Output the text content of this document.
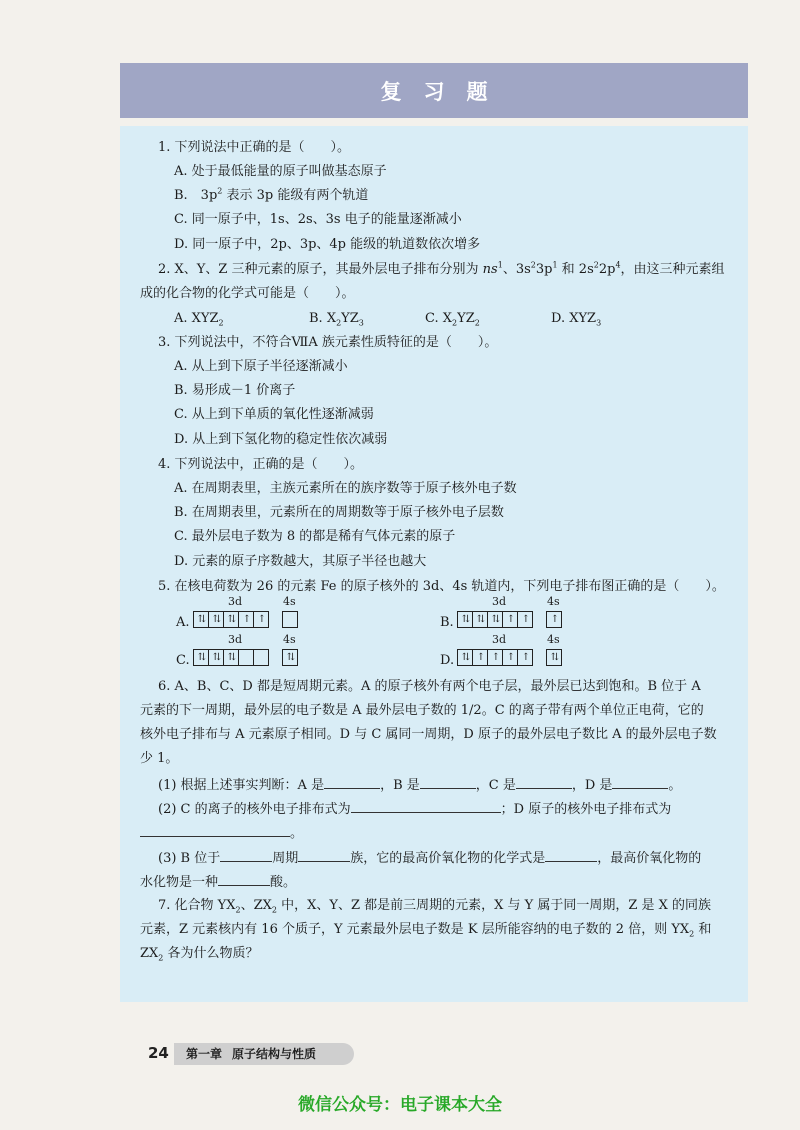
复习题
1. 下列说法中正确的是（　　）。
A. 处于最低能量的原子叫做基态原子
B.　$3p^2$ 表示 3p 能级有两个轨道
C. 同一原子中，1s、2s、3s 电子的能量逐渐减小
D. 同一原子中，2p、3p、4p 能级的轨道数依次增多
2. X、Y、Z 三种元素的原子，其最外层电子排布分别为 $ns^1$、$3s^23p^1$ 和 $2s^22p^4$，由这三种元素组
成的化合物的化学式可能是（　　）。
A. $XYZ_2$	B. $X_2YZ_3$	C. $X_2YZ_2$	D. $XYZ_3$
3. 下列说法中，不符合ⅦA 族元素性质特征的是（　　）。
A. 从上到下原子半径逐渐减小
B. 易形成－1 价离子
C. 从上到下单质的氧化性逐渐减弱
D. 从上到下氢化物的稳定性依次减弱
4. 下列说法中，正确的是（　　）。
A. 在周期表里，主族元素所在的族序数等于原子核外电子数
B. 在周期表里，元素所在的周期数等于原子核外电子层数
C. 最外层电子数为 8 的都是稀有气体元素的原子
D. 元素的原子序数越大，其原子半径也越大
5. 在核电荷数为 26 的元素 Fe 的原子核外的 3d、4s 轨道内，下列电子排布图正确的是（　　）。
A.
3d
⇅ ⇅ ⇅ ↑ ↑
4s
B.
3d
⇅ ⇅ ⇅ ↑ ↑
4s
↑
C.
3d
⇅ ⇅ ⇅
4s
⇅	D.
3d
⇅ ↑ ↑ ↑ ↑
4s
⇅
6. A、B、C、D 都是短周期元素。A 的原子核外有两个电子层，最外层已达到饱和。B 位于 A
元素的下一周期，最外层的电子数是 A 最外层电子数的 1/2。C 的离子带有两个单位正电荷，它的
核外电子排布与 A 元素原子相同。D 与 C 属同一周期，D 原子的最外层电子数比 A 的最外层电子数
少 1。
(1) 根据上述事实判断：A 是	，B 是	，C 是	，D 是	。
(2) C 的离子的核外电子排布式为	；D 原子的核外电子排布式为
。
(3) B 位于	周期	族，它的最高价氧化物的化学式是	，最高价氧化物的
水化物是一种	酸。
7. 化合物 $YX_2$、$ZX_2$ 中，X、Y、Z 都是前三周期的元素，X 与 Y 属于同一周期，Z 是 X 的同族
元素，Z 元素核内有 16 个质子，Y 元素最外层电子数是 K 层所能容纳的电子数的 2 倍，则 $YX_2$ 和
$ZX_2$ 各为什么物质？
24	第一章 原子结构与性质
微信公众号：电子课本大全
